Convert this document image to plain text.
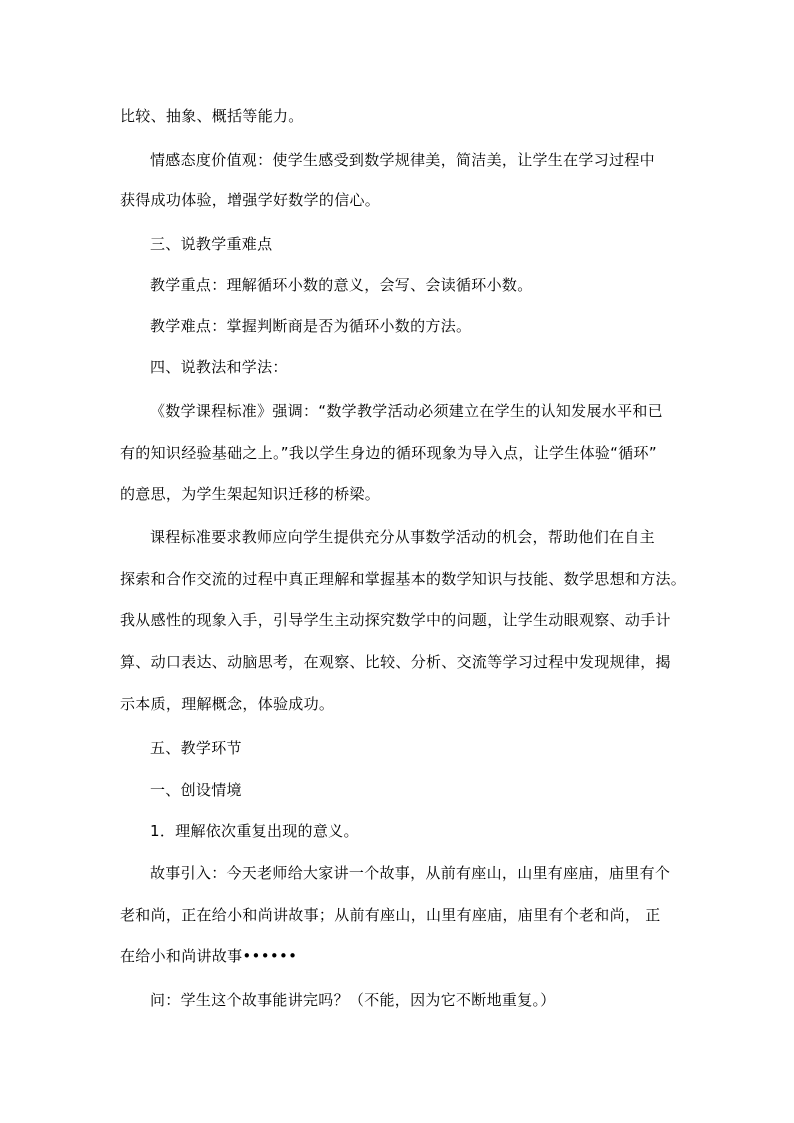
比较、抽象、概括等能力。
情感态度价值观：使学生感受到数学规律美，简洁美，让学生在学习过程中
获得成功体验，增强学好数学的信心。
三、说教学重难点
教学重点：理解循环小数的意义，会写、会读循环小数。
教学难点：掌握判断商是否为循环小数的方法。
四、说教法和学法：
《数学课程标准》强调：“数学教学活动必须建立在学生的认知发展水平和已
有的知识经验基础之上。”我以学生身边的循环现象为导入点，让学生体验“循环”
的意思，为学生架起知识迁移的桥梁。
课程标准要求教师应向学生提供充分从事数学活动的机会，帮助他们在自主
探索和合作交流的过程中真正理解和掌握基本的数学知识与技能、数学思想和方法。
我从感性的现象入手，引导学生主动探究数学中的问题，让学生动眼观察、动手计
算、动口表达、动脑思考，在观察、比较、分析、交流等学习过程中发现规律，揭
示本质，理解概念，体验成功。
五、教学环节
一、创设情境
1．理解依次重复出现的意义。
故事引入：今天老师给大家讲一个故事，从前有座山，山里有座庙，庙里有个
老和尚，正在给小和尚讲故事；从前有座山，山里有座庙，庙里有个老和尚， 正
在给小和尚讲故事••••••
问：学生这个故事能讲完吗？（不能，因为它不断地重复。）
